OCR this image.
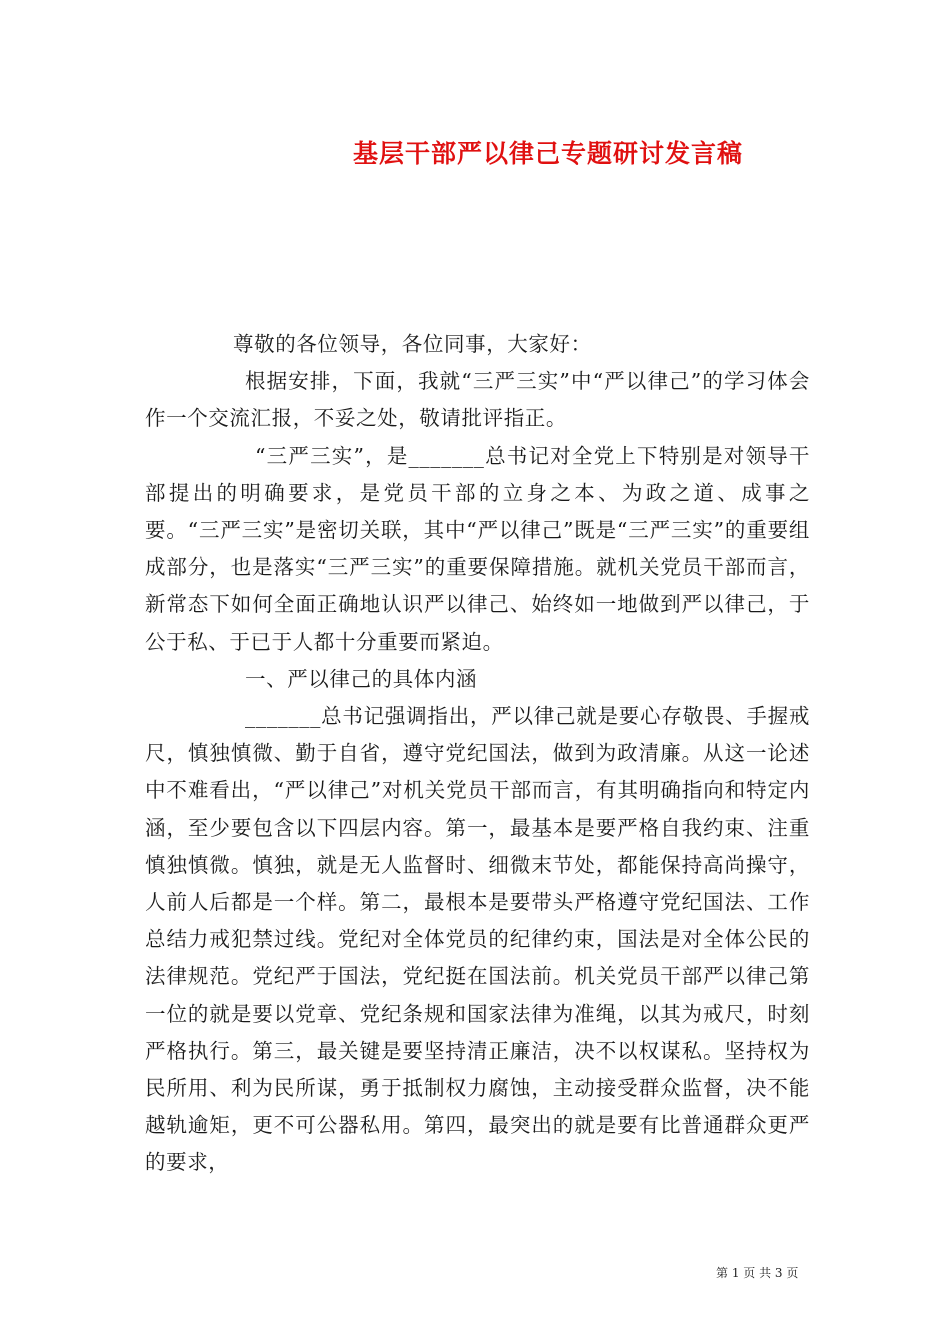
基层干部严以律己专题研讨发言稿

尊敬的各位领导，各位同事，大家好：

根据安排，下面，我就“三严三实”中“严以律己”的学习体会作一个交流汇报，不妥之处，敬请批评指正。

“三严三实”，是_______总书记对全党上下特别是对领导干部提出的明确要求，是党员干部的立身之本、为政之道、成事之要。“三严三实”是密切关联，其中“严以律己”既是“三严三实”的重要组成部分，也是落实“三严三实”的重要保障措施。就机关党员干部而言，新常态下如何全面正确地认识严以律己、始终如一地做到严以律己，于公于私、于已于人都十分重要而紧迫。

一、严以律己的具体内涵

_______总书记强调指出，严以律己就是要心存敬畏、手握戒尺，慎独慎微、勤于自省，遵守党纪国法，做到为政清廉。从这一论述中不难看出，“严以律己”对机关党员干部而言，有其明确指向和特定内涵，至少要包含以下四层内容。第一，最基本是要严格自我约束、注重慎独慎微。慎独，就是无人监督时、细微末节处，都能保持高尚操守，人前人后都是一个样。第二，最根本是要带头严格遵守党纪国法、工作总结力戒犯禁过线。党纪对全体党员的纪律约束，国法是对全体公民的法律规范。党纪严于国法，党纪挺在国法前。机关党员干部严以律己第一位的就是要以党章、党纪条规和国家法律为准绳，以其为戒尺，时刻严格执行。第三，最关键是要坚持清正廉洁，决不以权谋私。坚持权为民所用、利为民所谋，勇于抵制权力腐蚀，主动接受群众监督，决不能越轨逾矩，更不可公器私用。第四，最突出的就是要有比普通群众更严的要求，

第 1 页 共 3 页
